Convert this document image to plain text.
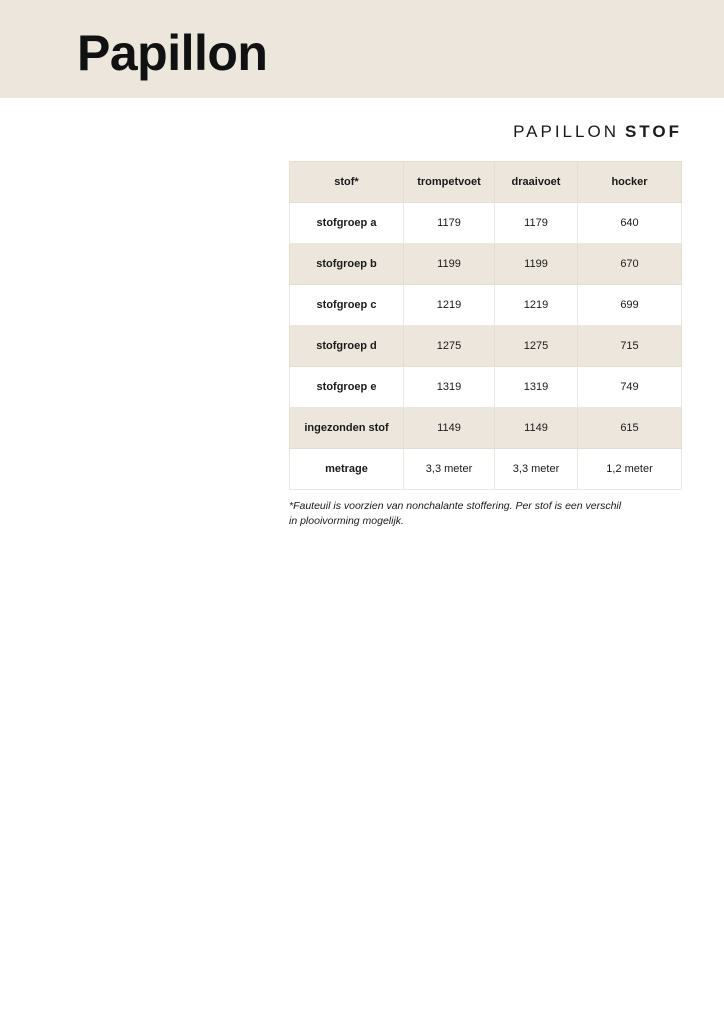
Papillon
PAPILLON STOF
stof*	trompetvoet	draaivoet	hocker
stofgroep a	1179	1179	640
stofgroep b	1199	1199	670
stofgroep c	1219	1219	699
stofgroep d	1275	1275	715
stofgroep e	1319	1319	749
ingezonden stof	1149	1149	615
metrage	3,3 meter	3,3 meter	1,2 meter

*Fauteuil is voorzien van nonchalante stoffering. Per stof is een verschil
in plooivorming mogelijk.
